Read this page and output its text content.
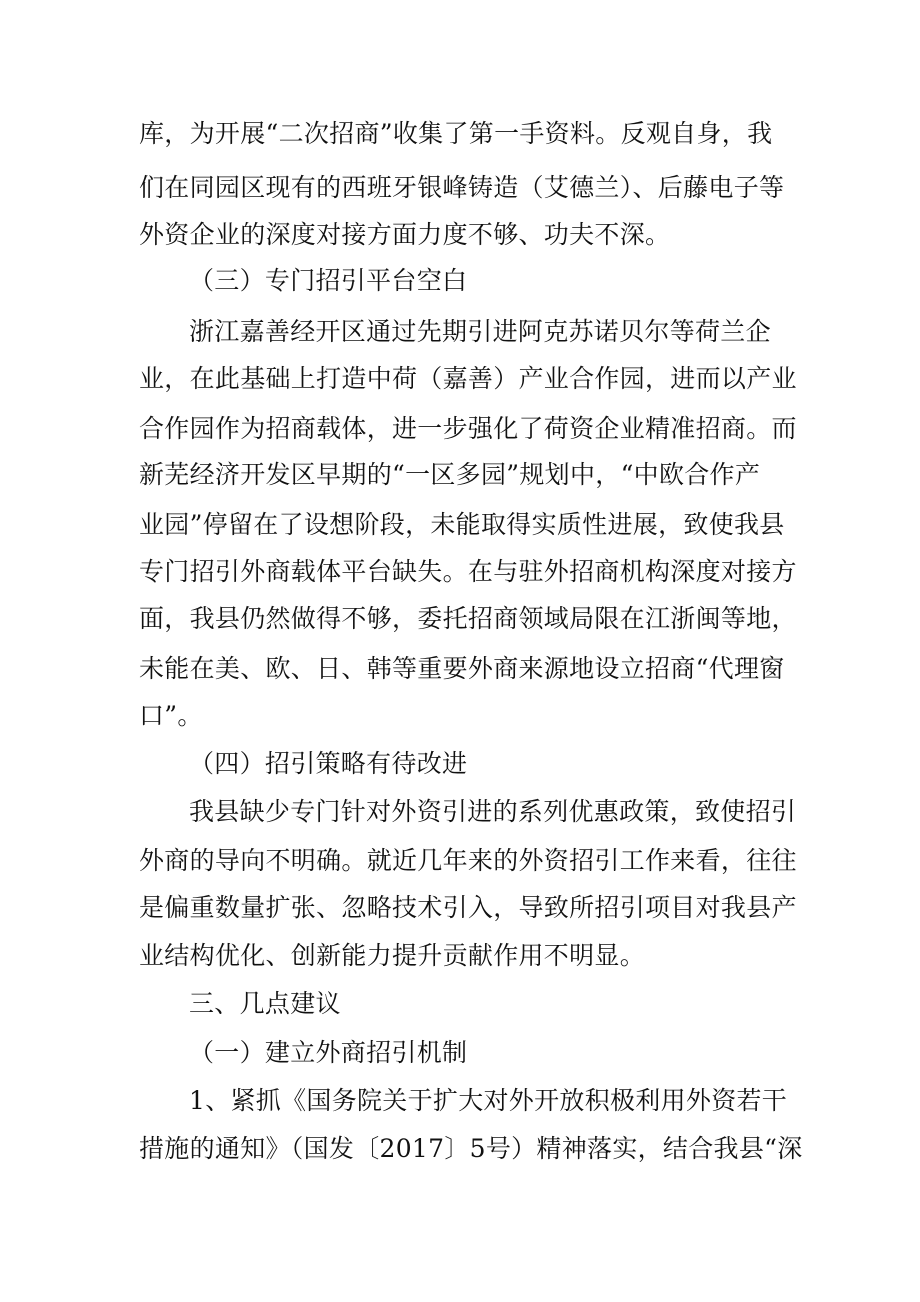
库，为开展“二次招商”收集了第一手资料。反观自身，我
们在同园区现有的西班牙银峰铸造（艾德兰）、后藤电子等
外资企业的深度对接方面力度不够、功夫不深。
（三）专门招引平台空白
浙江嘉善经开区通过先期引进阿克苏诺贝尔等荷兰企
业，在此基础上打造中荷（嘉善）产业合作园，进而以产业
合作园作为招商载体，进一步强化了荷资企业精准招商。而
新芜经济开发区早期的“一区多园”规划中，“中欧合作产
业园”停留在了设想阶段，未能取得实质性进展，致使我县
专门招引外商载体平台缺失。在与驻外招商机构深度对接方
面，我县仍然做得不够，委托招商领域局限在江浙闽等地，
未能在美、欧、日、韩等重要外商来源地设立招商“代理窗
口”。
（四）招引策略有待改进
我县缺少专门针对外资引进的系列优惠政策，致使招引
外商的导向不明确。就近几年来的外资招引工作来看，往往
是偏重数量扩张、忽略技术引入，导致所招引项目对我县产
业结构优化、创新能力提升贡献作用不明显。
三、几点建议
（一）建立外商招引机制
1、紧抓《国务院关于扩大对外开放积极利用外资若干
措施的通知》（国发〔2017〕5号）精神落实，结合我县“深
